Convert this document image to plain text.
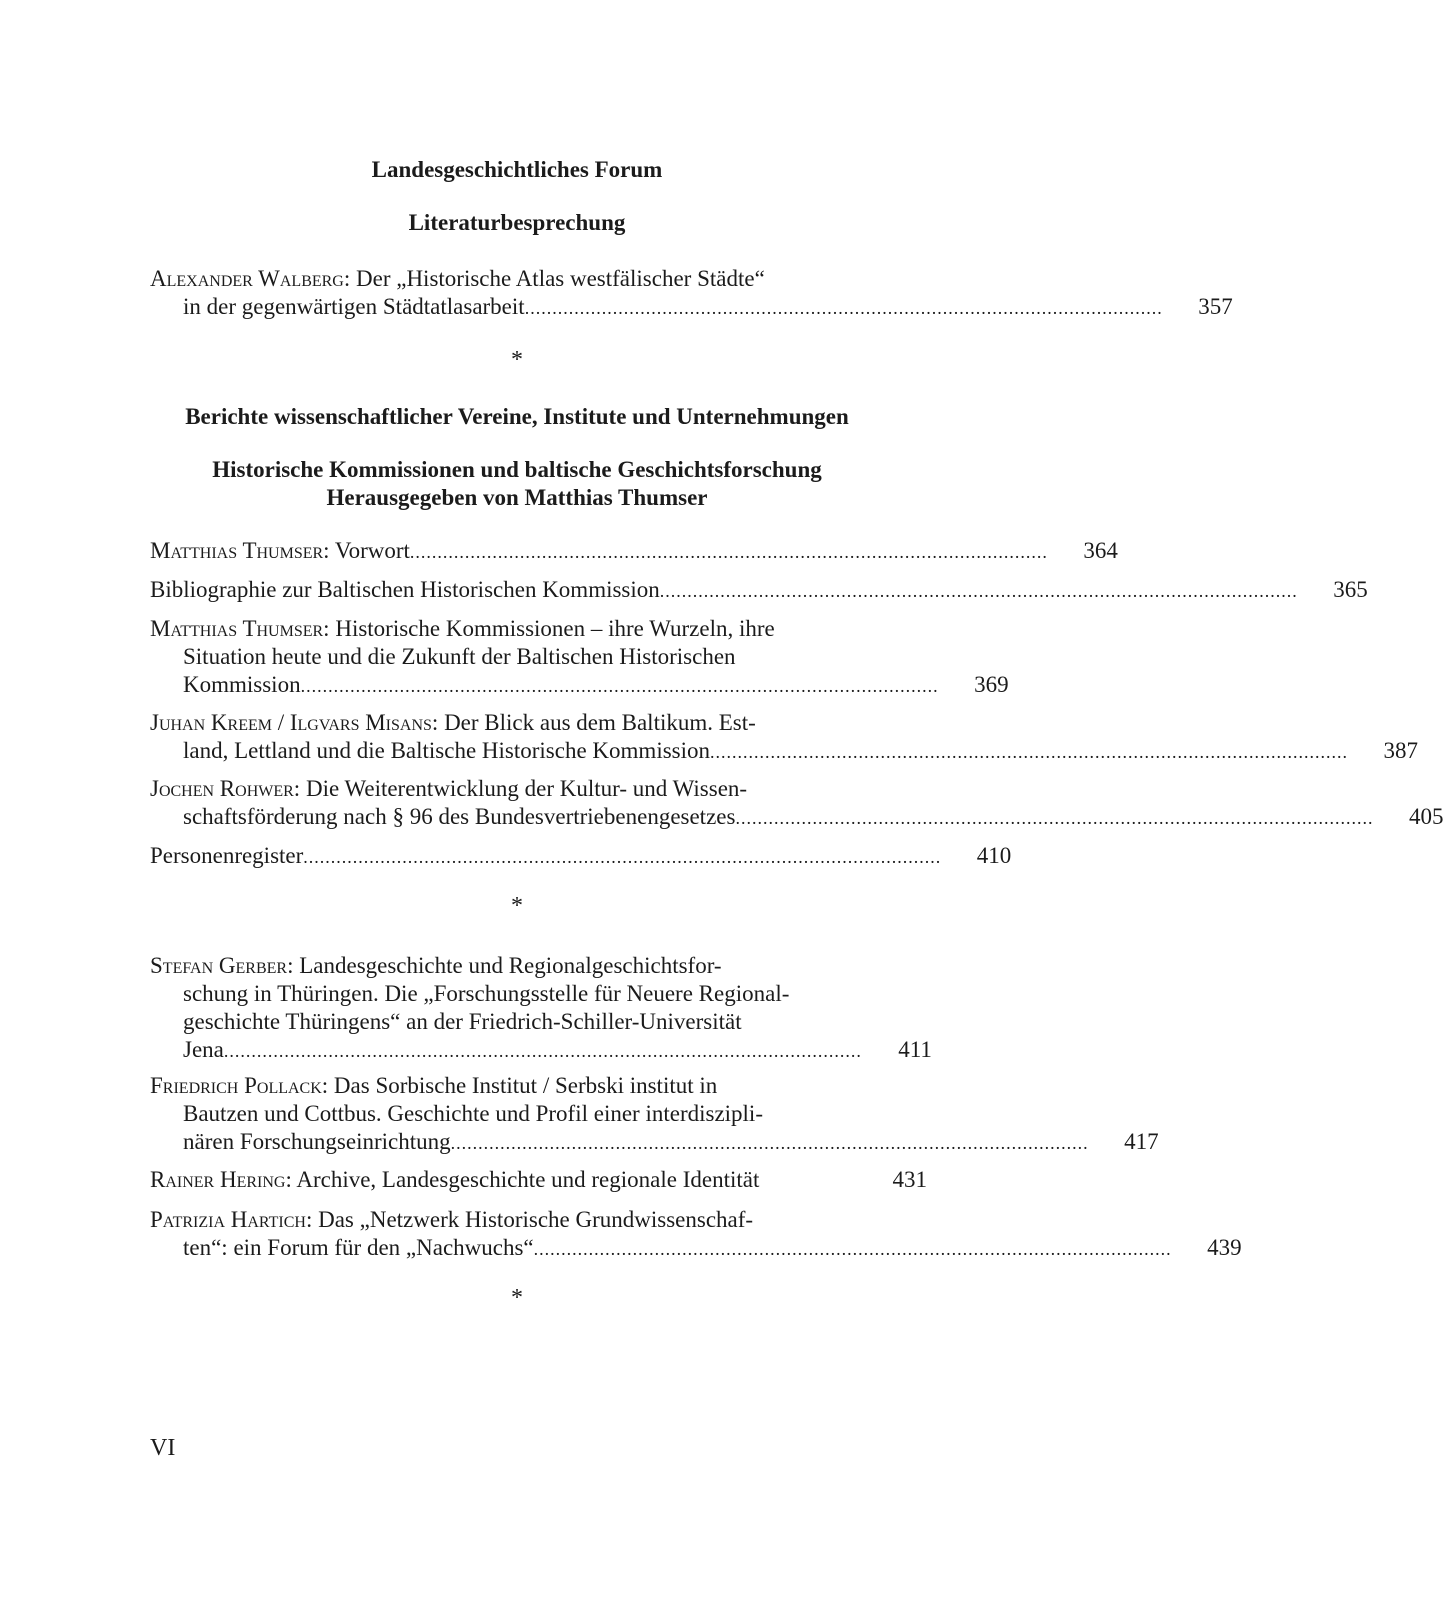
Landesgeschichtliches Forum
Literaturbesprechung
Alexander Walberg: Der „Historische Atlas westfälischer Städte“
in der gegenwärtigen Städtatlasarbeit ....................................................................................................................	357
*
Berichte wissenschaftlicher Vereine, Institute und Unternehmungen
Historische Kommissionen und baltische Geschichtsforschung
Herausgegeben von Matthias Thumser
Matthias Thumser: Vorwort ....................................................................................................................	364
Bibliographie zur Baltischen Historischen Kommission ....................................................................................................................	365
Matthias Thumser: Historische Kommissionen – ihre Wurzeln, ihre
Situation heute und die Zukunft der Baltischen Historischen
Kommission ....................................................................................................................	369
Juhan Kreem / Ilgvars Misans: Der Blick aus dem Baltikum. Est-
land, Lettland und die Baltische Historische Kommission ....................................................................................................................	387
Jochen Rohwer: Die Weiterentwicklung der Kultur- und Wissen-
schaftsförderung nach § 96 des Bundesvertriebenengesetzes ....................................................................................................................	405
Personenregister ....................................................................................................................	410
*
Stefan Gerber: Landesgeschichte und Regionalgeschichtsfor-
schung in Thüringen. Die „Forschungsstelle für Neuere Regional-
geschichte Thüringens“ an der Friedrich-Schiller-Universität
Jena ....................................................................................................................	411
Friedrich Pollack: Das Sorbische Institut / Serbski institut in
Bautzen und Cottbus. Geschichte und Profil einer interdisziplі-
nären Forschungseinrichtung ....................................................................................................................	417
Rainer Hering: Archive, Landesgeschichte und regionale Identität	431
Patrizia Hartich: Das „Netzwerk Historische Grundwissenschaf-
ten“: ein Forum für den „Nachwuchs“ ....................................................................................................................	439
*
VI
